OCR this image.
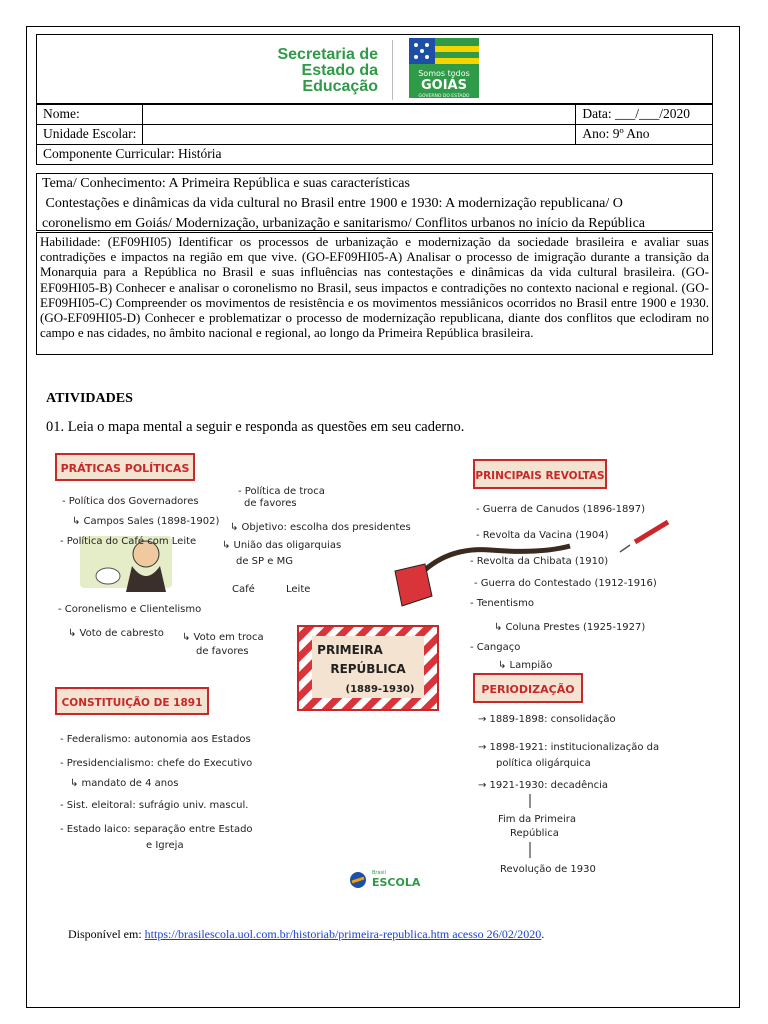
Secretaria de
Estado da
Educação
Somos todos
GOIÁS
GOVERNO DO ESTADO
Nome:		Data: ___/___/2020
Unidade Escolar:		Ano: 9º Ano
Componente Curricular: História		
Tema/ Conhecimento: A Primeira República e suas características
Contestações e dinâmicas da vida cultural no Brasil entre 1900 e 1930: A modernização republicana/ O
coronelismo em Goiás/ Modernização, urbanização e sanitarismo/ Conflitos urbanos no início da República
Habilidade: (EF09HI05) Identificar os processos de urbanização e modernização da sociedade brasileira e avaliar suas contradições e impactos na região em que vive. (GO-EF09HI05-A) Analisar o processo de imigração durante a transição da Monarquia para a República no Brasil e suas influências nas contestações e dinâmicas da vida cultural brasileira. (GO-EF09HI05-B) Conhecer e analisar o coronelismo no Brasil, seus impactos e contradições no contexto nacional e regional. (GO-EF09HI05-C) Compreender os movimentos de resistência e os movimentos messiânicos ocorridos no Brasil entre 1900 e 1930. (GO-EF09HI05-D) Conhecer e problematizar o processo de modernização republicana, diante dos conflitos que eclodiram no campo e nas cidades, no âmbito nacional e regional, ao longo da Primeira República brasileira.
ATIVIDADES
01. Leia o mapa mental a seguir e responda as questões em seu caderno.
PRÁTICAS POLÍTICAS
PRINCIPAIS REVOLTAS
CONSTITUIÇÃO DE 1891
PERIODIZAÇÃO
PRIMEIRA
REPÚBLICA
(1889-1930)
- Política dos Governadores
↳ Campos Sales (1898-1902)
- Política de troca
de favores
↳ Objetivo: escolha dos presidentes
- Política do Café com Leite	↳ União das oligarquias
de SP e MG
Café	Leite
- Coronelismo e Clientelismo
↳ Voto de cabresto ↳ Voto em troca
de favores
- Guerra de Canudos (1896-1897)
- Revolta da Vacina (1904)
- Revolta da Chibata (1910)
- Guerra do Contestado (1912-1916)
- Tenentismo
↳ Coluna Prestes (1925-1927)
- Cangaço
↳ Lampião
- Federalismo: autonomia aos Estados
- Presidencialismo: chefe do Executivo
↳ mandato de 4 anos
- Sist. eleitoral: sufrágio univ. mascul.
- Estado laico: separação entre Estado
e Igreja
→ 1889-1898: consolidação
→ 1898-1921: institucionalização da
política oligárquica
→ 1921-1930: decadência
Fim da Primeira
República
Revolução de 1930
Brasil
ESCOLA
Disponível em: https://brasilescola.uol.com.br/historiab/primeira-republica.htm acesso 26/02/2020.
